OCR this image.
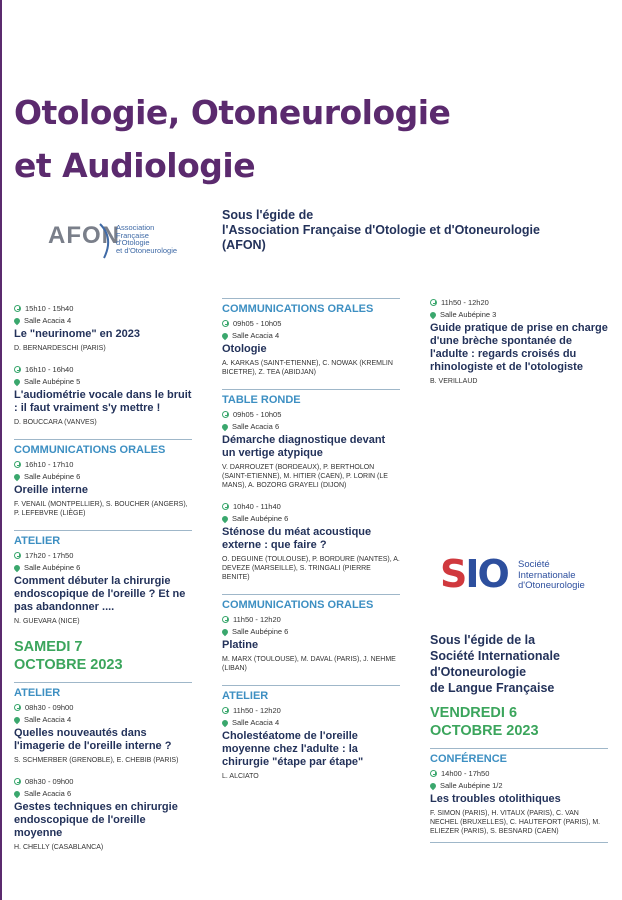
Otologie, Otoneurologie
et Audiologie
AFON
Association
Française
d'Otologie
et d'Otoneurologie
Sous l'égide de
l'Association Française d'Otologie et d'Otoneurologie
(AFON)
15h10 - 15h40
Salle Acacia 4
Le "neurinome" en 2023
D. BERNARDESCHI (PARIS)
16h10 - 16h40
Salle Aubépine 5
L'audiométrie vocale dans le bruit : il faut vraiment s'y mettre !
D. BOUCCARA (VANVES)
COMMUNICATIONS ORALES
16h10 - 17h10
Salle Aubépine 6
Oreille interne
F. VENAIL (MONTPELLIER), S. BOUCHER (ANGERS), P. LEFEBVRE (LIÈGE)
ATELIER
17h20 - 17h50
Salle Aubépine 6
Comment débuter la chirurgie endoscopique de l'oreille ? Et ne pas abandonner ....
N. GUEVARA (NICE)
SAMEDI 7
OCTOBRE 2023
ATELIER
08h30 - 09h00
Salle Acacia 4
Quelles nouveautés dans l'imagerie de l'oreille interne ?
S. SCHMERBER (GRENOBLE), E. CHEBIB (PARIS)
08h30 - 09h00
Salle Acacia 6
Gestes techniques en chirurgie endoscopique de l'oreille moyenne
H. CHELLY (CASABLANCA)
COMMUNICATIONS ORALES
09h05 - 10h05
Salle Acacia 4
Otologie
A. KARKAS (SAINT-ETIENNE), C. NOWAK (KREMLIN BICETRE), Z. TEA (ABIDJAN)
TABLE RONDE
09h05 - 10h05
Salle Acacia 6
Démarche diagnostique devant un vertige atypique
V. DARROUZET (BORDEAUX), P. BERTHOLON (SAINT-ETIENNE), M. HITIER (CAEN), P. LORIN (LE MANS), A. BOZORG GRAYELI (DIJON)
10h40 - 11h40
Salle Aubépine 6
Sténose du méat acoustique externe : que faire ?
O. DEGUINE (TOULOUSE), P. BORDURE (NANTES), A. DEVEZE (MARSEILLE), S. TRINGALI (PIERRE BENITE)
COMMUNICATIONS ORALES
11h50 - 12h20
Salle Aubépine 6
Platine
M. MARX (TOULOUSE), M. DAVAL (PARIS), J. NEHME (LIBAN)
ATELIER
11h50 - 12h20
Salle Acacia 4
Cholestéatome de l'oreille moyenne chez l'adulte : la chirurgie "étape par étape"
L. ALCIATO
11h50 - 12h20
Salle Aubépine 3
Guide pratique de prise en charge d'une brèche spontanée de l'adulte : regards croisés du rhinologiste et de l'otologiste
B. VERILLAUD
SIO Société
Internationale
d'Otoneurologie
Sous l'égide de la
Société Internationale
d'Otoneurologie
de Langue Française
VENDREDI 6
OCTOBRE 2023
CONFÉRENCE
14h00 - 17h50
Salle Aubépine 1/2
Les troubles otolithiques
F. SIMON (PARIS), H. VITAUX (PARIS), C. VAN NECHEL (BRUXELLES), C. HAUTEFORT (PARIS), M. ELIEZER (PARIS), S. BESNARD (CAEN)
